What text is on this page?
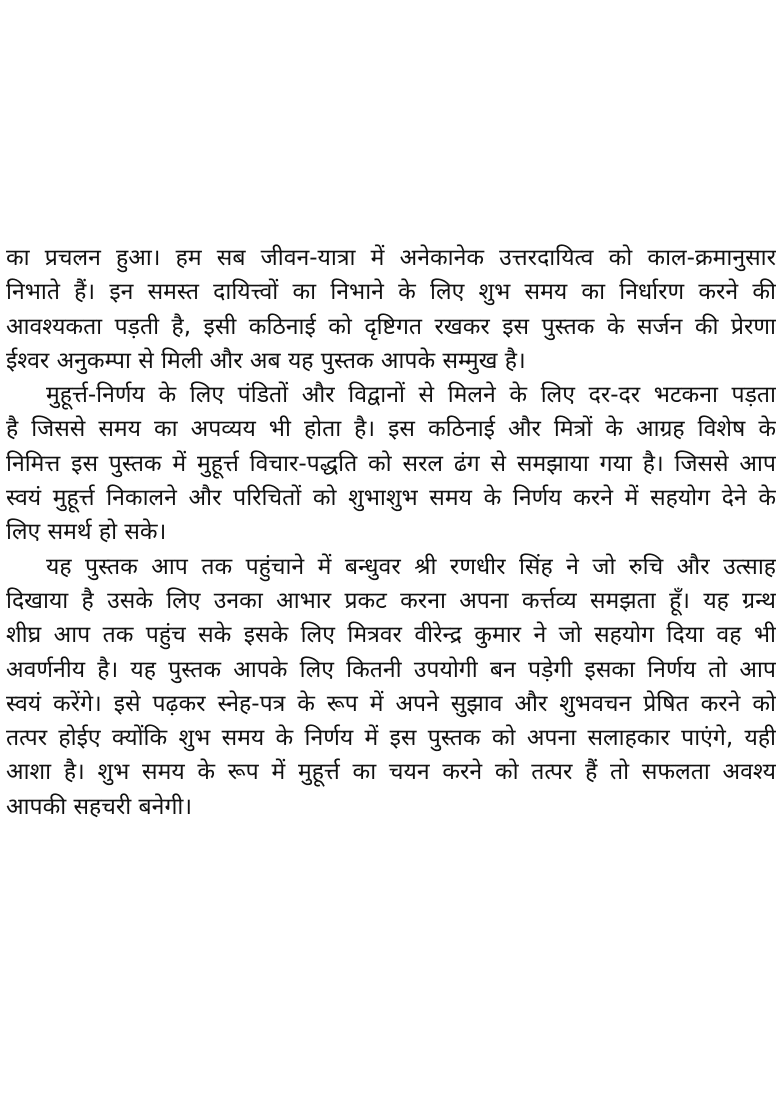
का प्रचलन हुआ। हम सब जीवन-यात्रा में अनेकानेक उत्तरदायित्व को काल-क्रमानुसार
निभाते हैं। इन समस्त दायित्त्वों का निभाने के लिए शुभ समय का निर्धारण करने की
आवश्यकता पड़ती है, इसी कठिनाई को दृष्टिगत रखकर इस पुस्तक के सर्जन की प्रेरणा
ईश्वर अनुकम्पा से मिली और अब यह पुस्तक आपके सम्मुख है।
मुहूर्त्त-निर्णय के लिए पंडितों और विद्वानों से मिलने के लिए दर-दर भटकना पड़ता
है जिससे समय का अपव्यय भी होता है। इस कठिनाई और मित्रों के आग्रह विशेष के
निमित्त इस पुस्तक में मुहूर्त्त विचार-पद्धति को सरल ढंग से समझाया गया है। जिससे आप
स्वयं मुहूर्त्त निकालने और परिचितों को शुभाशुभ समय के निर्णय करने में सहयोग देने के
लिए समर्थ हो सके।
यह पुस्तक आप तक पहुंचाने में बन्धुवर श्री रणधीर सिंह ने जो रुचि और उत्साह
दिखाया है उसके लिए उनका आभार प्रकट करना अपना कर्त्तव्य समझता हूँ। यह ग्रन्थ
शीघ्र आप तक पहुंच सके इसके लिए मित्रवर वीरेन्द्र कुमार ने जो सहयोग दिया वह भी
अवर्णनीय है। यह पुस्तक आपके लिए कितनी उपयोगी बन पड़ेगी इसका निर्णय तो आप
स्वयं करेंगे। इसे पढ़कर स्नेह-पत्र के रूप में अपने सुझाव और शुभवचन प्रेषित करने को
तत्पर होईए क्योंकि शुभ समय के निर्णय में इस पुस्तक को अपना सलाहकार पाएंगे, यही
आशा है। शुभ समय के रूप में मुहूर्त्त का चयन करने को तत्पर हैं तो सफलता अवश्य
आपकी सहचरी बनेगी।
